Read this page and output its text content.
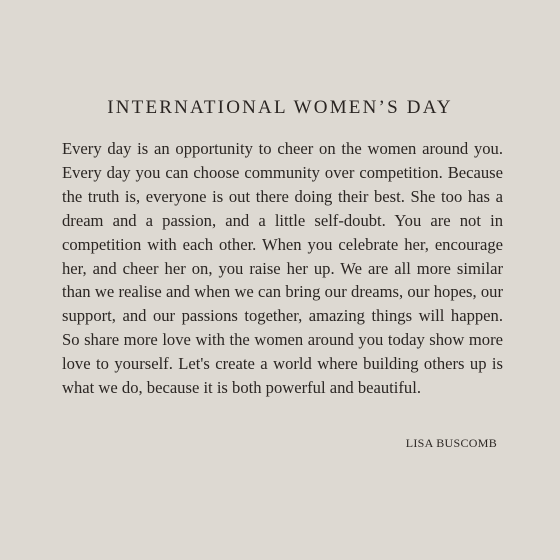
INTERNATIONAL WOMEN’S DAY

Every day is an opportunity to cheer on the women around you. Every day you can choose community over competition. Because the truth is, everyone is out there doing their best. She too has a dream and a passion, and a little self-doubt. You are not in competition with each other. When you celebrate her, encourage her, and cheer her on, you raise her up. We are all more similar than we realise and when we can bring our dreams, our hopes, our support, and our passions together, amazing things will happen. So share more love with the women around you today show more love to yourself. Let's create a world where building others up is what we do, because it is both powerful and beautiful.

LISA BUSCOMB
